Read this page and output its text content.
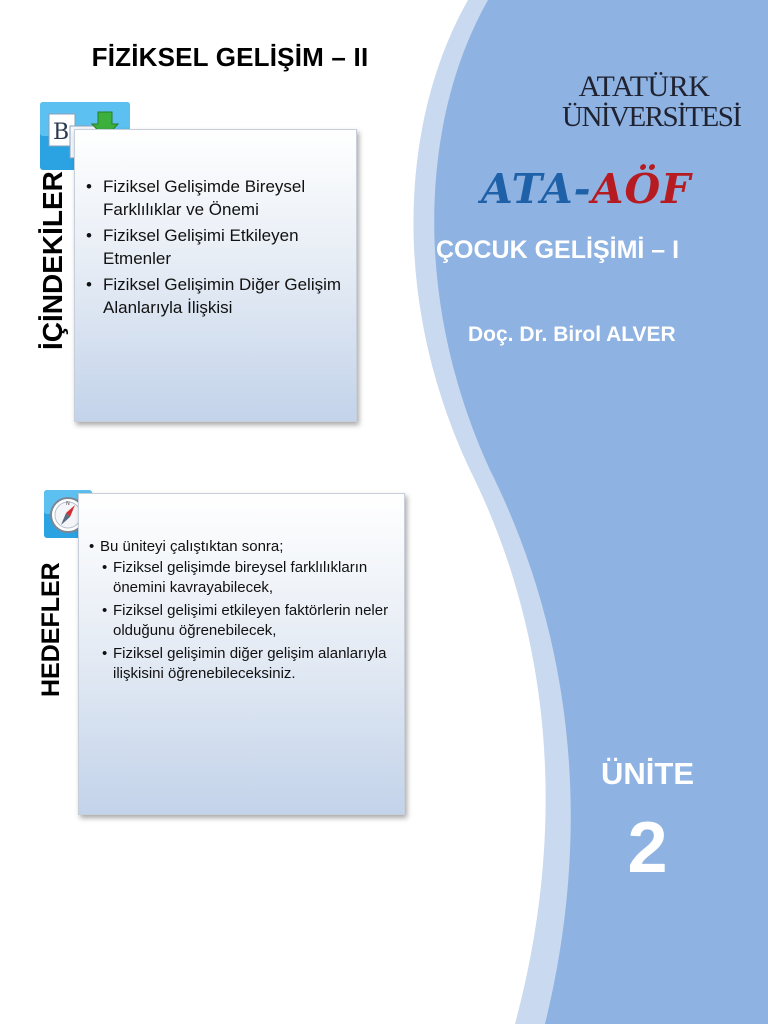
FİZİKSEL GELİŞİM – II
B
• Fiziksel Gelişimde Bireysel Farklılıklar ve Önemi
• Fiziksel Gelişimi Etkileyen Etmenler
• Fiziksel Gelişimin Diğer Gelişim Alanlarıyla İlişkisi
İÇİNDEKİLER
N
• Bu üniteyi çalıştıktan sonra;
• Fiziksel gelişimde bireysel farklılıkların önemini kavrayabilecek,
• Fiziksel gelişimi etkileyen faktörlerin neler olduğunu öğrenebilecek,
• Fiziksel gelişimin diğer gelişim alanlarıyla ilişkisini öğrenebileceksiniz.
HEDEFLER
ATATÜRK
ÜNİVERSİTESİ
ATA-AÖF
ÇOCUK GELİŞİMİ – I
Doç. Dr. Birol ALVER
ÜNİTE
2
